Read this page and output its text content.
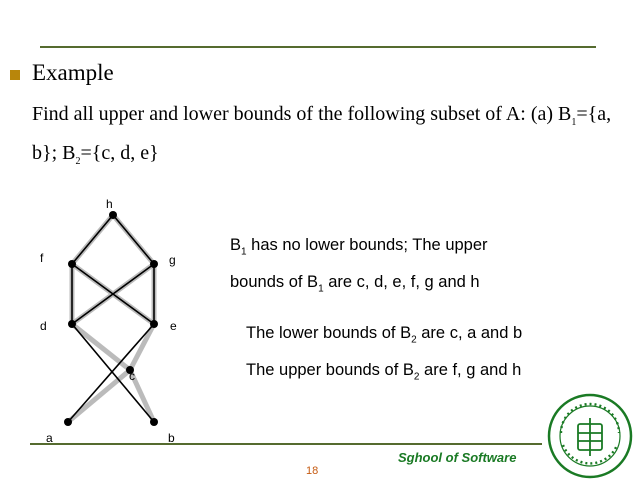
Example
Find all upper and lower bounds of the following subset of A: (a) $B_1=\{a$, b}; $B_2=\{c$, d, e}
h
f	g
d	e
c
a	b
$B_1$ has no lower bounds; The upper
bounds of $B_1$ are c, d, e, f, g and h
The lower bounds of $B_2$ are c, a and b
The upper bounds of $B_2$ are f, g and h
Sghool of Software
18
